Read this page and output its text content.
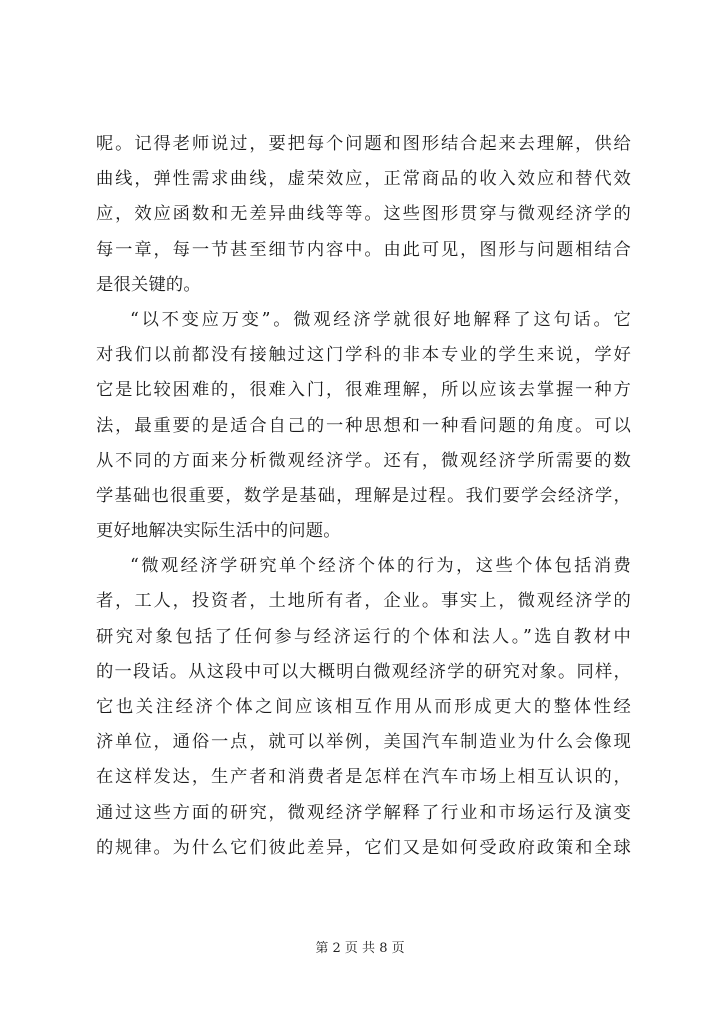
呢。记得老师说过，要把每个问题和图形结合起来去理解，供给
曲线，弹性需求曲线，虚荣效应，正常商品的收入效应和替代效
应，效应函数和无差异曲线等等。这些图形贯穿与微观经济学的
每一章，每一节甚至细节内容中。由此可见，图形与问题相结合
是很关键的。
“以不变应万变”。微观经济学就很好地解释了这句话。它
对我们以前都没有接触过这门学科的非本专业的学生来说，学好
它是比较困难的，很难入门，很难理解，所以应该去掌握一种方
法，最重要的是适合自己的一种思想和一种看问题的角度。可以
从不同的方面来分析微观经济学。还有，微观经济学所需要的数
学基础也很重要，数学是基础，理解是过程。我们要学会经济学，
更好地解决实际生活中的问题。
“微观经济学研究单个经济个体的行为，这些个体包括消费
者，工人，投资者，土地所有者，企业。事实上，微观经济学的
研究对象包括了任何参与经济运行的个体和法人。”选自教材中
的一段话。从这段中可以大概明白微观经济学的研究对象。同样，
它也关注经济个体之间应该相互作用从而形成更大的整体性经
济单位，通俗一点，就可以举例，美国汽车制造业为什么会像现
在这样发达，生产者和消费者是怎样在汽车市场上相互认识的，
通过这些方面的研究，微观经济学解释了行业和市场运行及演变
的规律。为什么它们彼此差异，它们又是如何受政府政策和全球
第 2 页 共 8 页
